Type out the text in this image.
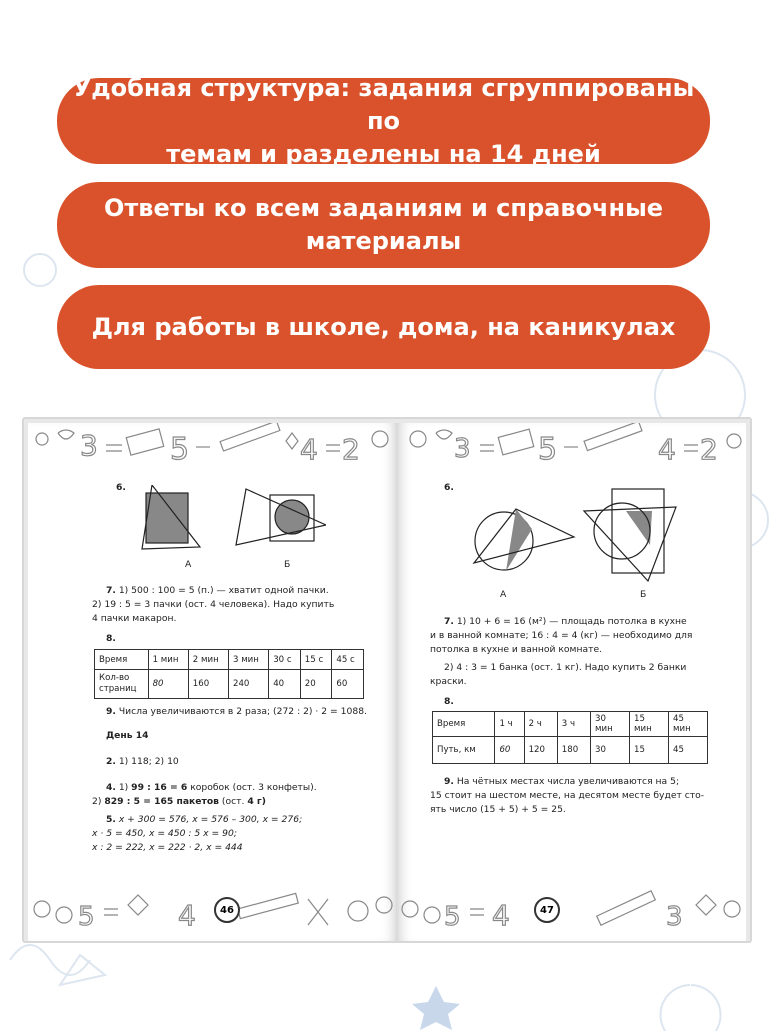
Удобная структура: задания сгруппированы по
темам и разделены на 14 дней
Ответы ко всем заданиям и справочные
материалы
Для работы в школе, дома, на каникулах
3 5	4 2
5	4
6.
А	Б
7. 1) 500 : 100 = 5 (п.) — хватит одной пачки.
2) 19 : 5 = 3 пачки (ост. 4 человека). Надо купить
4 пачки макарон.
8.
Время	1 мин	2 мин	3 мин	30 с	15 с	45 с
Кол-во
страниц	80	160	240	40	20	60
9. Числа увеличиваются в 2 раза; (272 : 2) · 2 = 1088.
День 14
2. 1) 118; 2) 10
4. 1) 99 : 16 = 6 коробок (ост. 3 конфеты).
2) 829 : 5 = 165 пакетов (ост. 4 г)
5. x + 300 = 576, x = 576 – 300, x = 276;
x · 5 = 450, x = 450 : 5 x = 90;
x : 2 = 222, x = 222 · 2, x = 444
46
3 5	4 2
5 4	3
6.
А	Б
7. 1) 10 + 6 = 16 (м²) — площадь потолка в кухне
и в ванной комнате; 16 : 4 = 4 (кг) — необходимо для
потолка в кухне и ванной комнате.
2) 4 : 3 = 1 банка (ост. 1 кг). Надо купить 2 банки
краски.
8.
Время	1 ч	2 ч	3 ч	30 мин	15 мин	45 мин
Путь, км	60	120	180	30	15	45
9. На чётных местах числа увеличиваются на 5;
15 стоит на шестом месте, на десятом месте будет сто-
ять число (15 + 5) + 5 = 25.
47
